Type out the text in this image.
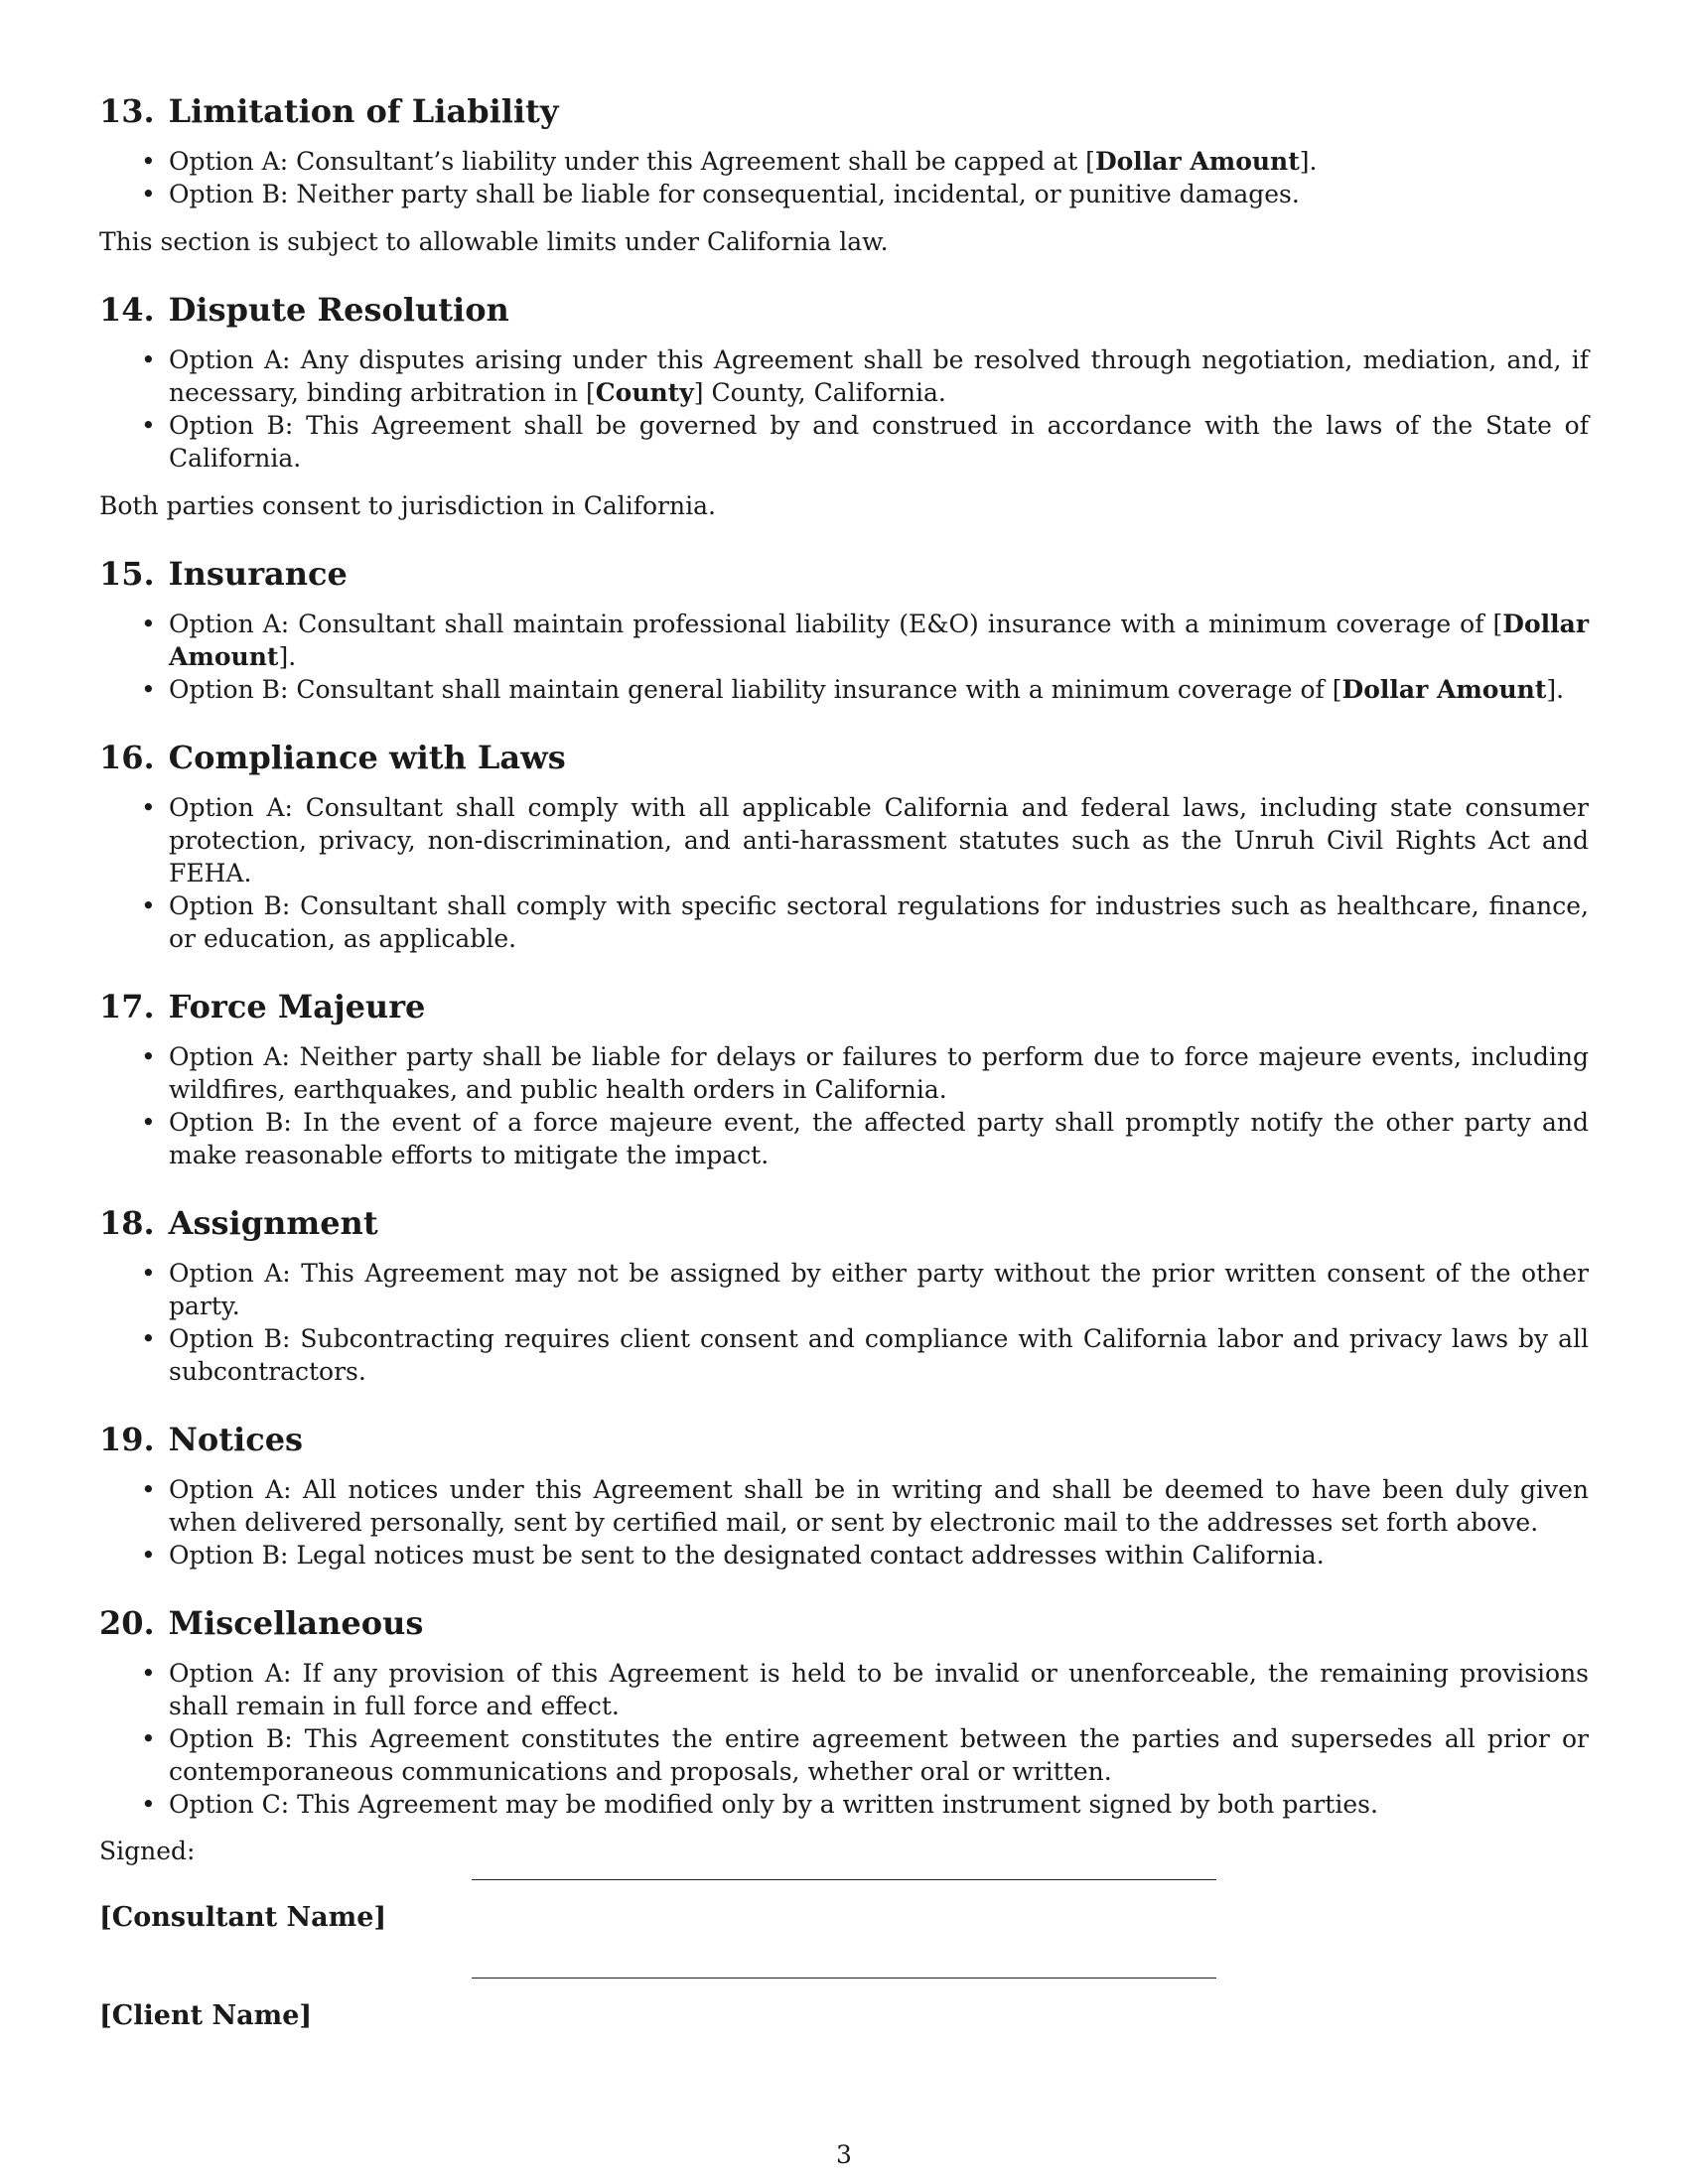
13. Limitation of Liability
• Option A: Consultant’s liability under this Agreement shall be capped at [Dollar Amount].
• Option B: Neither party shall be liable for consequential, incidental, or punitive damages.
This section is subject to allowable limits under California law.
14. Dispute Resolution
• Option A: Any disputes arising under this Agreement shall be resolved through negotiation, mediation, and, if necessary, binding arbitration in [County] County, California.
• Option B: This Agreement shall be governed by and construed in accordance with the laws of the State of California.
Both parties consent to jurisdiction in California.
15. Insurance
• Option A: Consultant shall maintain professional liability (E&O) insurance with a minimum coverage of [Dollar Amount].
• Option B: Consultant shall maintain general liability insurance with a minimum coverage of [Dollar Amount].
16. Compliance with Laws
• Option A: Consultant shall comply with all applicable California and federal laws, including state consumer protection, privacy, non-discrimination, and anti-harassment statutes such as the Unruh Civil Rights Act and FEHA.
• Option B: Consultant shall comply with specific sectoral regulations for industries such as healthcare, finance, or education, as applicable.
17. Force Majeure
• Option A: Neither party shall be liable for delays or failures to perform due to force majeure events, including wildfires, earthquakes, and public health orders in California.
• Option B: In the event of a force majeure event, the affected party shall promptly notify the other party and make reasonable efforts to mitigate the impact.
18. Assignment
• Option A: This Agreement may not be assigned by either party without the prior written consent of the other party.
• Option B: Subcontracting requires client consent and compliance with California labor and privacy laws by all subcontractors.
19. Notices
• Option A: All notices under this Agreement shall be in writing and shall be deemed to have been duly given when delivered personally, sent by certified mail, or sent by electronic mail to the addresses set forth above.
• Option B: Legal notices must be sent to the designated contact addresses within California.
20. Miscellaneous
• Option A: If any provision of this Agreement is held to be invalid or unenforceable, the remaining provisions shall remain in full force and effect.
• Option B: This Agreement constitutes the entire agreement between the parties and supersedes all prior or contemporaneous communications and proposals, whether oral or written.
• Option C: This Agreement may be modified only by a written instrument signed by both parties.
Signed:
[Consultant Name]
[Client Name]
3
